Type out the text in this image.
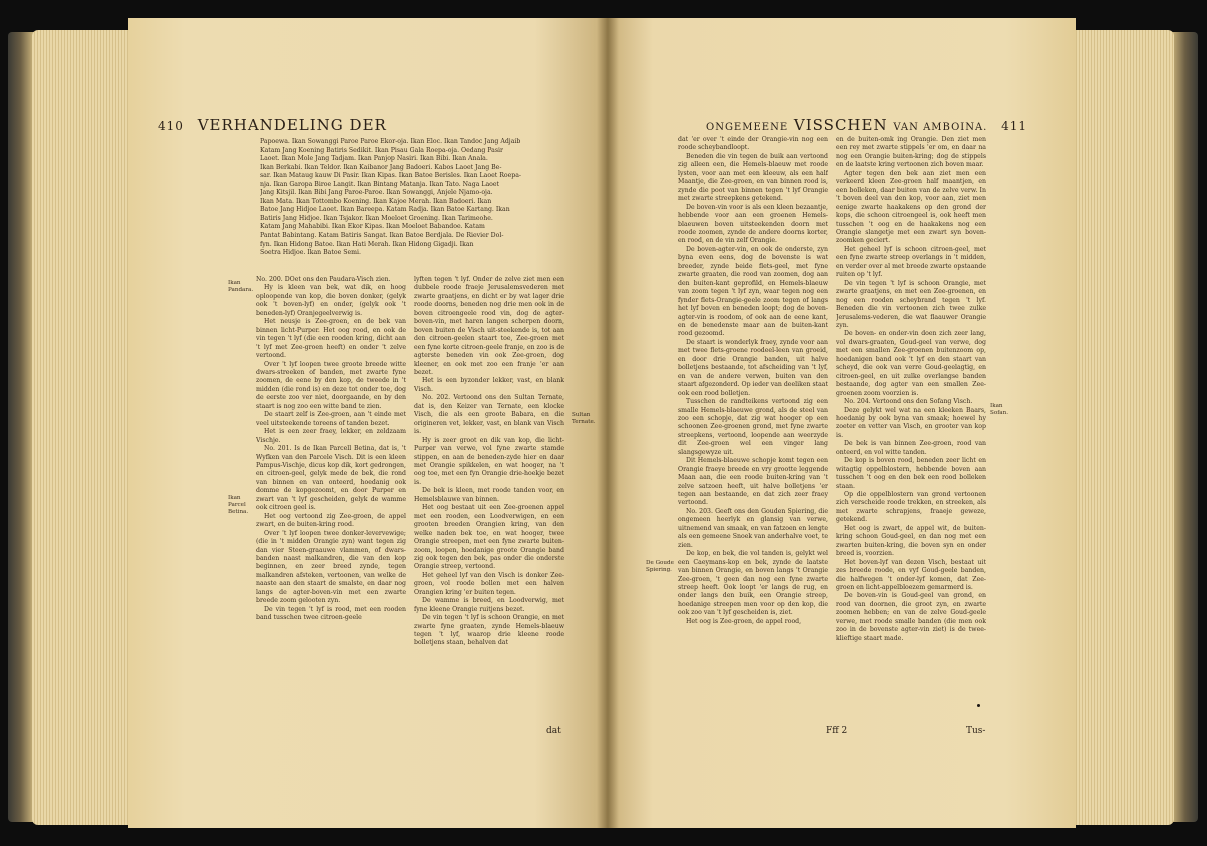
410 VERHANDELING DER

Papoewa. Ikan Sowanggi Paroe Paroe Ekor-oja. Ikan Eloc. Ikan Tandoc Jang Adjaib

Katam Jang Koening Batiris Sedikit. Ikan Pisau Gala Roepa-oja. Oedang Pasir

Laoet. Ikan Mole Jang Tadjam. Ikan Panjop Nasiri. Ikan Bibi. Ikan Anala.

Ikan Berkabi. Ikan Teldor. Ikan Kaibanor Jang Badoeri. Kabos Laoet Jang Be-

sar. Ikan Mataug kauw Di Pasir. Ikan Kipas. Ikan Batoe Berisles. Ikan Laoet Roepa-

nja. Ikan Garopa Biroe Langit. Ikan Bintang Matanja. Ikan Tato. Naga Laoet

Jang Kitsjil. Ikan Bibi Jang Paroe-Paroe. Ikan Sowanggi, Anjele Njamo-oja.

Ikan Mata. Ikan Tottombo Koening. Ikan Kajoe Merah. Ikan Badoeri. Ikan

Batoe Jang Hidjoe Laoet. Ikan Bareepa. Katam Radja. Ikan Batoe Kartang. Ikan

Batiris Jang Hidjoe. Ikan Tsjakor. Ikan Moeloet Groening. Ikan Tarimeohe.

Katam Jang Mahabibi. Ikan Ekor Kipas. Ikan Moeloet Babandoe. Katam

Pantat Babintang. Katam Batiris Sangat. Ikan Batoe Berdjala. De Rievier Dol-

fyn. Ikan Hidong Batoe. Ikan Hati Merah. Ikan Hidong Gigadji. Ikan

Soetra Hidjoe. Ikan Batoe Semi.

Ikan Pandara.
Ikan Parcel Betina.

No. 200. DOet ons den Paudara-Visch zien.

Hy is kleen van bek, wat dik, en hoog oploopende van kop, die boven donker, (gelyk ook 't boven-lyf) en onder, (gelyk ook 't beneden-lyf) Oranjegeelverwig is.

Het neusje is Zee-groen, en de bek van binnen licht-Purper. Het oog rood, en ook de vin tegen 't lyf (die een rooden kring, dicht aan 't lyf met Zee-groen heeft) en onder 't zelve vertoond.

Over 't lyf loopen twee groote breede witte dwars-streeken of banden, met zwarte fyne zoomen, de eene by den kop, de tweede in 't midden (die rond is) en deze tot onder toe, dog de eerste zoo ver niet, doorgaande, en by den staart is nog zoo een witte band te zien.

De staart zelf is Zee-groen, aan 't einde met veel uitsteekende toreens of tanden bezet.

Het is een zeer fraey, lekker, en zeldzaam Vischje.

No. 201. Is de Ikan Parcell Betina, dat is, 't Wyfken van den Parcele Visch. Dit is een kleen Pampus-Vischje, dicus kop dik, kort gedrongen, en citroen-geel, gelyk mede de bek, die rond van binnen en van onteerd, hoedanig ook domme de kopgezoomt, en door Purper en zwart van 't lyf gescheiden, gelyk de wamme ook citroen geel is.

Het oog vertoond zig Zee-groen, de appel zwart, en de buiten-kring rood.

Over 't lyf loopen twee donker-levervewige; (die in 't midden Orangie zyn) want tegen zig dan vier Steen-graauwe vlammen, of dwars-banden naast malkandren, die van den kop beginnen, en zeer breed zynde, tegen malkandren afsteken, vertoonen, van welke de naaste aan den staart de smalste, en daar nog langs de agter-boven-vin met een zwarte breede zoom gelooten zyn.

De vin tegen 't lyf is rood, met een rooden band tusschen twee citroen-geele

lyften tegen 't lyf. Onder de zelve ziet men een dubbele roode fraeje Jerusalemsvederen met zwarte graatjens, en dicht er by wat lager drie roode doorns, beneden nog drie men ook in de boven citroengeele rood vin, dog de agter-boven-vin, met haren langen scherpen doorn, boven buiten de Visch uit-steekende is, tot aan den citroen-geelen staart toe, Zee-groen met een fyne korte citroen-geele franje, en zoo is de agterste beneden vin ook Zee-groen, dog kleener, en ook met zoo een franje 'er aan bezet.

Het is een byzonder lekker, vast, en blank Visch.

No. 202. Vertoond ons den Sultan Ternate, dat is, den Keizer van Ternate, een klocke Visch, die als een groote Babara, en die origineren vet, lekker, vast, en blank van Visch is.

Hy is zeer groot en dik van kop, die licht-Purper van verwe, vol fyne zwarte stamde stippen, en aan de beneden-zyde hier en daar met Orangie spikkelen, en wat hooger, na 't oog toe, met een fyn Orangie drie-hoekje bezet is.

De bek is kleen, met roode tanden voor, en Hemelsblauwe van binnen.

Het oog bestaat uit een Zee-groenen appel met een rooden, een Loodverwigen, en een grooten breeden Orangien kring, van den welke naden bek toe, en wat hooger, twee Orangie streepen, met een fyne zwarte buiten-zoom, loopen, hoedanige groote Orangie band zig ook tegen den bek, pas onder die onderste Orangie streep, vertoond.

Het geheel lyf van den Visch is donker Zee-groen, vol roode bollen met een halven Orangien kring 'er buiten tegen.

De wamme is breed, en Loodverwig, met fyne kleene Orangie ruitjens bezet.

De vin tegen 't lyf is schoon Orangie, en met zwarte fyne graaten, zynde Hemels-blaeuw tegen 't lyf, waarop drie kleene roode bolletjens staan, behalven dat

Sultan Ternate.
dat
ONGEMEENE VISSCHEN VAN AMBOINA. 411

dat 'er over 't einde der Orangie-vin nog een roode scheybandloopt.

Beneden die vin tegen de buik aan vertoond zig alleen een, die Hemels-blaeuw met roode lysten, voor aan met een kleeuw, als een half Maantje, die Zee-groen, en van binnen rood is, zynde die poot van binnen tegen 't lyf Orangie met zwarte streepkens getekend.

De boven-vin voor is als een kleen bezaantje, hebbende voor aan een groenen Hemels-blaeuwen boven uitsteekenden doorn met roode zoomen, zynde de andere doorns korter, en rood, en de vin zelf Orangie.

De boven-agter-vin, en ook de onderste, zyn byna even eens, dog de bovenste is wat breeder, zynde beide flets-geel, met fyne zwarte graaten, die rood van zoomen, dog aan den buiten-kant geprofild, en Hemels-blaeuw van zoom tegen 't lyf zyn, waar tegen nog een fynder flets-Orangie-geele zoom tegen of langs het lyf boven en beneden loopt; dog de boven-agter-vin is roodom, of ook aan de eene kant, en de benedenste maar aan de buiten-kant rood gezoomd.

De staart is wonderlyk fraey, zynde voor aan met twee flets-groene roodeel-leen van groeid, en door drie Orangie banden, uit halve bolletjens bestaande, tot afscheiding van 't lyf, en van de andere verwen, buiten van den staart afgezonderd. Op ieder van deeliken staat ook een rood bolletjen.

Tusschen de randteikens vertoond zig een smalle Hemels-blaeuwe grond, als de steel van zoo een schopje, dat zig wat hooger op een schoonen Zee-groenen grond, met fyne zwarte streepkens, vertoond, loopende aan weerzyde dit Zee-groen wel een vinger lang slangsgewyze uit.

Dit Hemels-blaeuwe schopje komt tegen een Orangie fraeye breede en vry grootte leggende Maan aan, die een roode buiten-kring van 't zelve satzoen heeft, uit halve bolletjens 'er tegen aan bestaande, en dat zich zeer fraey vertoond.

No. 203. Geeft ons den Gouden Spiering, die ongemeen heerlyk en glansig van verwe, uitnemend van smaak, en van fatzoen en lengte als een gemeene Snoek van anderhalve voet, te zien.

De kop, en bek, die vol tanden is, gelykt wel een Caeymans-kop en bek, zynde de laatste van binnen Orangie, en boven langs 't Orangie Zee-groen, 't geen dan nog een fyne zwarte streep heeft. Ook loopt 'er langs de rug, en onder langs den buik, een Orangie streep, hoedanige streepen men voor op den kop, die ook zoo van 't lyf gescheiden is, ziet.

Het oog is Zee-groen, de appel rood,

en de buiten-omk ing Orangie. Den ziet men een rey met zwarte stippels 'er om, en daar na nog een Orangie buiten-kring; dog de stippels en de laatste kring vertoonen zich boven maar.

Agter tegen den bek aan ziet men een verkeerd kleen Zee-groen half maantjen, en een bolleken, daar buiten van de zelve verw. In 't boven deel van den kop, voor aan, ziet men eenige zwarte haakakens op den grond der kops, die schoon citroengeel is, ook heeft men tusschen 't oog en de haakakens nog een Orangie slangetje met een zwart syn boven-zoomken geciert.

Het geheel lyf is schoon citroen-geel, met een fyne zwarte streep overlangs in 't midden, en verder over al met breede zwarte opstaande ruiten op 't lyf.

De vin tegen 't lyf is schoon Orangie, met zwarte graatjens, en met een Zee-groenen, en nog een rooden scheybrand tegen 't lyf. Beneden die vin vertoonen zich twee zulke Jerusalems-vederen, die wat flaauwer Orangie zyn.

De boven- en onder-vin doen zich zeer lang, vol dwars-graaten, Goud-geel van verwe, dog met een smallen Zee-groenen buitenzoom op, hoedanigen band ook 't lyf en den staart van scheyd, die ook van verre Goud-geelagtig, en citroen-geel, en uit zulke overlangse banden bestaande, dog agter van een smallen Zee-groenen zoom voorzien is.

No. 204. Vertoond ons den Sofang Visch.

Deze gelykt wel wat na een kleeken Baars, hoedanig by ook byna van smaak; hoewel hy zoeter en vetter van Visch, en grooter van kop is.

De bek is van binnen Zee-groen, rood van onteerd, en vol witte tanden.

De kop is boven rood, beneden zeer licht en witagtig oppelblostern, hebbende boven aan tusschen 't oog en den bek een rood bolleken staan.

Op die oppelblostern van grond vertoonen zich verscheide roode trekken, en streeken, als met zwarte schrapjens, fraaeje geweze, getekend.

Het oog is zwart, de appel wit, de buiten-kring schoon Goud-geel, en dan nog met een zwarten buiten-kring, die boven syn en onder breed is, voorzien.

Het boven-lyf van dezen Visch, bestaat uit zes breede roode, en vyf Goud-geele banden, die halfwegen 't onder-lyf komen, dat Zee-groen en licht-appelbloezem gemarmerd is.

De boven-vin is Goud-geel van grond, en rood van doornen, die groot zyn, en zwarte zoomen hebben; en van de zelve Goud-geele verwe, met roode smalle banden (die men ook zoo in de bovenste agter-vin ziet) is de twee-klieftige staart made.

De Goude Spiering.
Ikan Sofan.
Fff 2	Tus-
